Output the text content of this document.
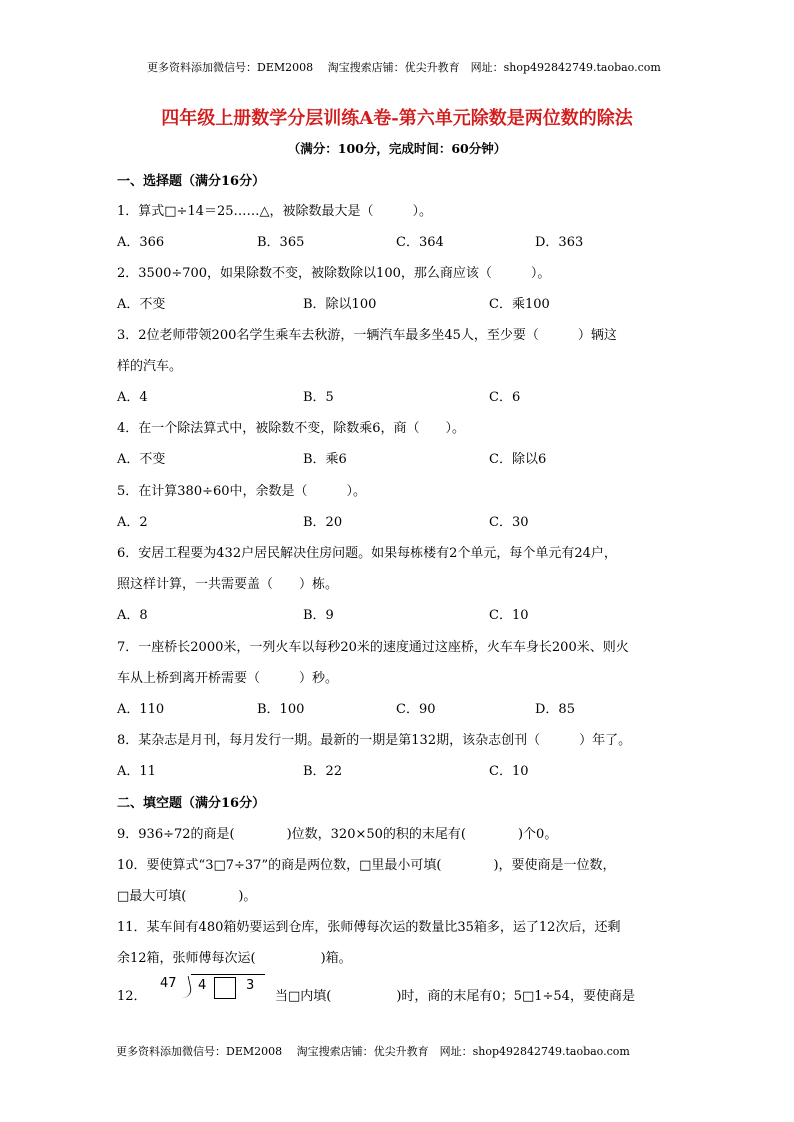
更多资料添加微信号：DEM2008　 淘宝搜索店铺：优尖升教育　网址：shop492842749.taobao.com
四年级上册数学分层训练A卷-第六单元除数是两位数的除法
（满分：100分，完成时间：60分钟）
一、选择题（满分16分）
1．算式□÷14＝25……△，被除数最大是（　　　）。
A．366	B．365	C．364	D．363
2．3500÷700，如果除数不变，被除数除以100，那么商应该（　　　）。
A．不变	B．除以100	C．乘100
3．2位老师带领200名学生乘车去秋游，一辆汽车最多坐45人，至少要（　　　）辆这
样的汽车。
A．4	B．5	C．6
4．在一个除法算式中，被除数不变，除数乘6，商（　　）。
A．不变	B．乘6	C．除以6
5．在计算380÷60中，余数是（　　　）。
A．2	B．20	C．30
6．安居工程要为432户居民解决住房问题。如果每栋楼有2个单元，每个单元有24户，
照这样计算，一共需要盖（　　）栋。
A．8	B．9	C．10
7．一座桥长2000米，一列火车以每秒20米的速度通过这座桥，火车车身长200米、则火
车从上桥到离开桥需要（　　　）秒。
A．110	B．100	C．90	D．85
8．某杂志是月刊，每月发行一期。最新的一期是第132期，该杂志创刊（　　　）年了。
A．11	B．22	C．10
二、填空题（满分16分）
9．936÷72的商是(　　　　)位数，320×50的积的末尾有(　　　　)个0。
10．要使算式“3□7÷37”的商是两位数，□里最小可填(　　　　)，要使商是一位数，
□最大可填(　　　　)。
11．某车间有480箱奶要运到仓库，张师傅每次运的数量比35箱多，运了12次后，还剩
余12箱，张师傅每次运(　　　　　)箱。
12．
47 4	3
当□内填(　　　　　)时，商的末尾有0；5□1÷54，要使商是
更多资料添加微信号：DEM2008　 淘宝搜索店铺：优尖升教育　网址：shop492842749.taobao.com
